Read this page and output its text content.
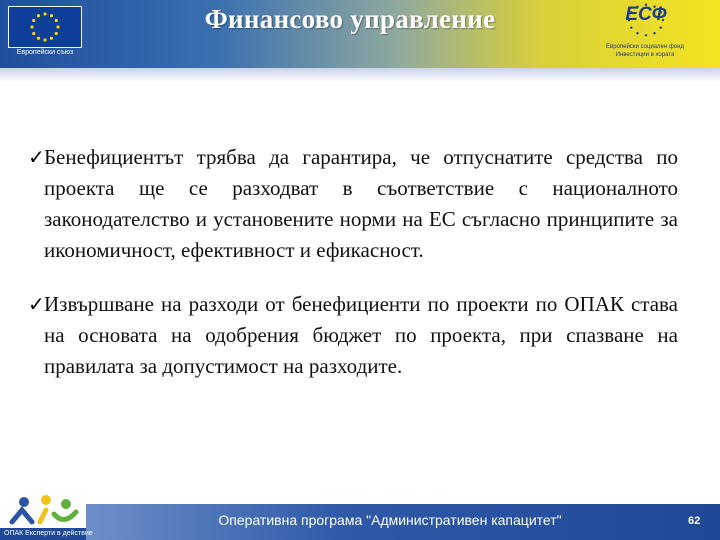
Европейски съюз
Финансово управление	ЕСФ
Европейски социален фонд
Инвестиции в хората
✓ Бенефициентът трябва да гарантира, че отпуснатите средства по проекта ще се разходват в съответствие с националното законодателство и установените норми на ЕС съгласно принципите за икономичност, ефективност и ефикасност.
✓ Извършване на разходи от бенефициенти по проекти по ОПАК става на основата на одобрения бюджет по проекта, при спазване на правилата за допустимост на разходите.
ОПАК Експерти в действие
Оперативна програма "Административен капацитет"	62
